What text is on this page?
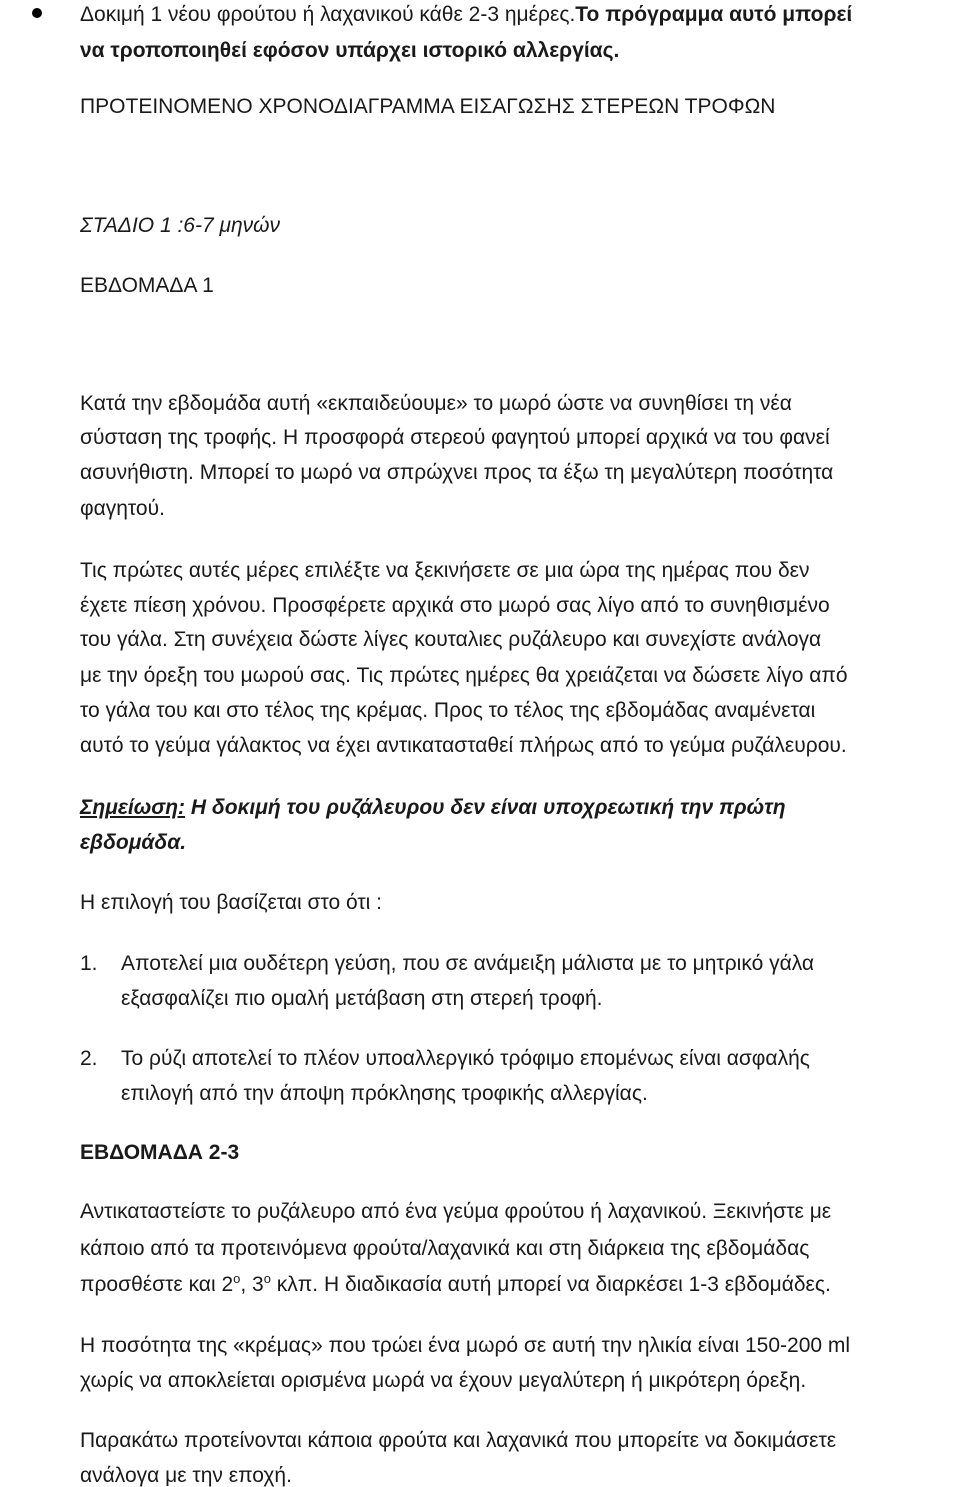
Δοκιμή 1 νέου φρούτου ή λαχανικού κάθε 2-3 ημέρες.Το πρόγραμμα αυτό μπορεί
να τροποποιηθεί εφόσον υπάρχει ιστορικό αλλεργίας.
ΠΡΟΤΕΙΝΟΜΕΝΟ ΧΡΟΝΟΔΙΑΓΡΑΜΜΑ ΕΙΣΑΓΩΣΗΣ ΣΤΕΡΕΩΝ ΤΡΟΦΩΝ
ΣΤΑΔΙΟ 1 :6-7 μηνών
ΕΒΔΟΜΑΔΑ 1
Κατά την εβδομάδα αυτή «εκπαιδεύουμε» το μωρό ώστε να συνηθίσει τη νέα
σύσταση της τροφής. Η προσφορά στερεού φαγητού μπορεί αρχικά να του φανεί
ασυνήθιστη. Μπορεί το μωρό να σπρώχνει προς τα έξω τη μεγαλύτερη ποσότητα
φαγητού.
Τις πρώτες αυτές μέρες επιλέξτε να ξεκινήσετε σε μια ώρα της ημέρας που δεν
έχετε πίεση χρόνου. Προσφέρετε αρχικά στο μωρό σας λίγο από το συνηθισμένο
του γάλα. Στη συνέχεια δώστε λίγες κουταλιες ρυζάλευρο και συνεχίστε ανάλογα
με την όρεξη του μωρού σας. Τις πρώτες ημέρες θα χρειάζεται να δώσετε λίγο από
το γάλα του και στο τέλος της κρέμας. Προς το τέλος της εβδομάδας αναμένεται
αυτό το γεύμα γάλακτος να έχει αντικατασταθεί πλήρως από το γεύμα ρυζάλευρου.
Σημείωση: Η δοκιμή του ρυζάλευρου δεν είναι υποχρεωτική την πρώτη
εβδομάδα.
Η επιλογή του βασίζεται στο ότι :
1. Αποτελεί μια ουδέτερη γεύση, που σε ανάμειξη μάλιστα με το μητρικό γάλα
εξασφαλίζει πιο ομαλή μετάβαση στη στερεή τροφή.
2. Το ρύζι αποτελεί το πλέον υποαλλεργικό τρόφιμο επομένως είναι ασφαλής
επιλογή από την άποψη πρόκλησης τροφικής αλλεργίας.
ΕΒΔΟΜΑΔΑ 2-3
Αντικαταστείστε το ρυζάλευρο από ένα γεύμα φρούτου ή λαχανικού. Ξεκινήστε με
κάποιο από τα προτεινόμενα φρούτα/λαχανικά και στη διάρκεια της εβδομάδας
προσθέστε και $2^o$, $3^o$ κλπ. Η διαδικασία αυτή μπορεί να διαρκέσει 1-3 εβδομάδες.
Η ποσότητα της «κρέμας» που τρώει ένα μωρό σε αυτή την ηλικία είναι 150-200 ml
χωρίς να αποκλείεται ορισμένα μωρά να έχουν μεγαλύτερη ή μικρότερη όρεξη.
Παρακάτω προτείνονται κάποια φρούτα και λαχανικά που μπορείτε να δοκιμάσετε
ανάλογα με την εποχή.
